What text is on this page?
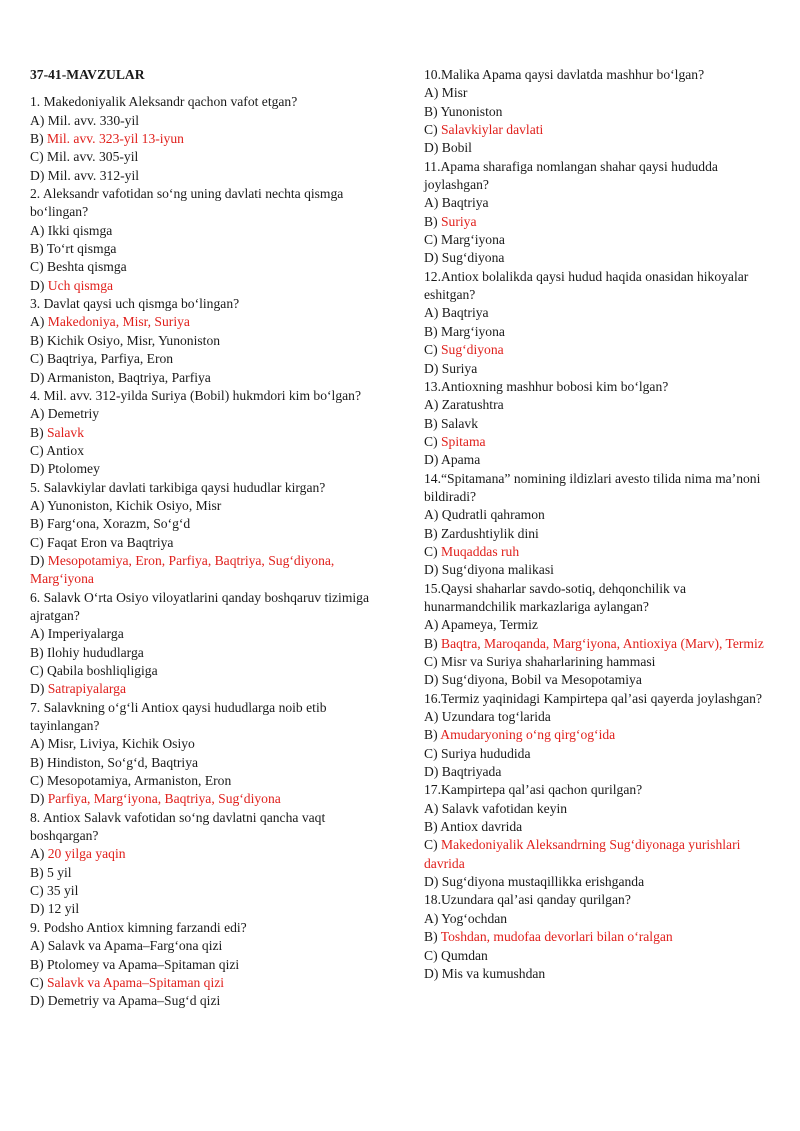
37-41-MAVZULAR
1. Makedoniyalik Aleksandr qachon vafot etgan?
A) Mil. avv. 330-yil
B) Mil. avv. 323-yil 13-iyun
C) Mil. avv. 305-yil
D) Mil. avv. 312-yil
2. Aleksandr vafotidan so‘ng uning davlati nechta qismga bo‘lingan?
A) Ikki qismga
B) To‘rt qismga
C) Beshta qismga
D) Uch qismga
3. Davlat qaysi uch qismga bo‘lingan?
A) Makedoniya, Misr, Suriya
B) Kichik Osiyo, Misr, Yunoniston
C) Baqtriya, Parfiya, Eron
D) Armaniston, Baqtriya, Parfiya
4. Mil. avv. 312-yilda Suriya (Bobil) hukmdori kim bo‘lgan?
A) Demetriy
B) Salavk
C) Antiox
D) Ptolomey
5. Salavkiylar davlati tarkibiga qaysi hududlar kirgan?
A) Yunoniston, Kichik Osiyo, Misr
B) Farg‘ona, Xorazm, So‘g‘d
C) Faqat Eron va Baqtriya
D) Mesopotamiya, Eron, Parfiya, Baqtriya, Sug‘diyona, Marg‘iyona
6. Salavk O‘rta Osiyo viloyatlarini qanday boshqaruv tizimiga ajratgan?
A) Imperiyalarga
B) Ilohiy hududlarga
C) Qabila boshliqligiga
D) Satrapiyalarga
7. Salavkning o‘g‘li Antiox qaysi hududlarga noib etib tayinlangan?
A) Misr, Liviya, Kichik Osiyo
B) Hindiston, So‘g‘d, Baqtriya
C) Mesopotamiya, Armaniston, Eron
D) Parfiya, Marg‘iyona, Baqtriya, Sug‘diyona
8. Antiox Salavk vafotidan so‘ng davlatni qancha vaqt boshqargan?
A) 20 yilga yaqin
B) 5 yil
C) 35 yil
D) 12 yil
9. Podsho Antiox kimning farzandi edi?
A) Salavk va Apama–Farg‘ona qizi
B) Ptolomey va Apama–Spitaman qizi
C) Salavk va Apama–Spitaman qizi
D) Demetriy va Apama–Sug‘d qizi
10.Malika Apama qaysi davlatda mashhur bo‘lgan?
A) Misr
B) Yunoniston
C) Salavkiylar davlati
D) Bobil
11.Apama sharafiga nomlangan shahar qaysi hududda joylashgan?
A) Baqtriya
B) Suriya
C) Marg‘iyona
D) Sug‘diyona
12.Antiox bolalikda qaysi hudud haqida onasidan hikoyalar eshitgan?
A) Baqtriya
B) Marg‘iyona
C) Sug‘diyona
D) Suriya
13.Antioxning mashhur bobosi kim bo‘lgan?
A) Zaratushtra
B) Salavk
C) Spitama
D) Apama
14.“Spitamana” nomining ildizlari avesto tilida nima ma’noni bildiradi?
A) Qudratli qahramon
B) Zardushtiylik dini
C) Muqaddas ruh
D) Sug‘diyona malikasi
15.Qaysi shaharlar savdo-sotiq, dehqonchilik va hunarmandchilik markazlariga aylangan?
A) Apameya, Termiz
B) Baqtra, Maroqanda, Marg‘iyona, Antioxiya (Marv), Termiz
C) Misr va Suriya shaharlarining hammasi
D) Sug‘diyona, Bobil va Mesopotamiya
16.Termiz yaqinidagi Kampirtepa qal’asi qayerda joylashgan?
A) Uzundara tog‘larida
B) Amudaryoning o‘ng qirg‘og‘ida
C) Suriya hududida
D) Baqtriyada
17.Kampirtepa qal’asi qachon qurilgan?
A) Salavk vafotidan keyin
B) Antiox davrida
C) Makedoniyalik Aleksandrning Sug‘diyonaga yurishlari davrida
D) Sug‘diyona mustaqillikka erishganda
18.Uzundara qal’asi qanday qurilgan?
A) Yog‘ochdan
B) Toshdan, mudofaa devorlari bilan o‘ralgan
C) Qumdan
D) Mis va kumushdan
